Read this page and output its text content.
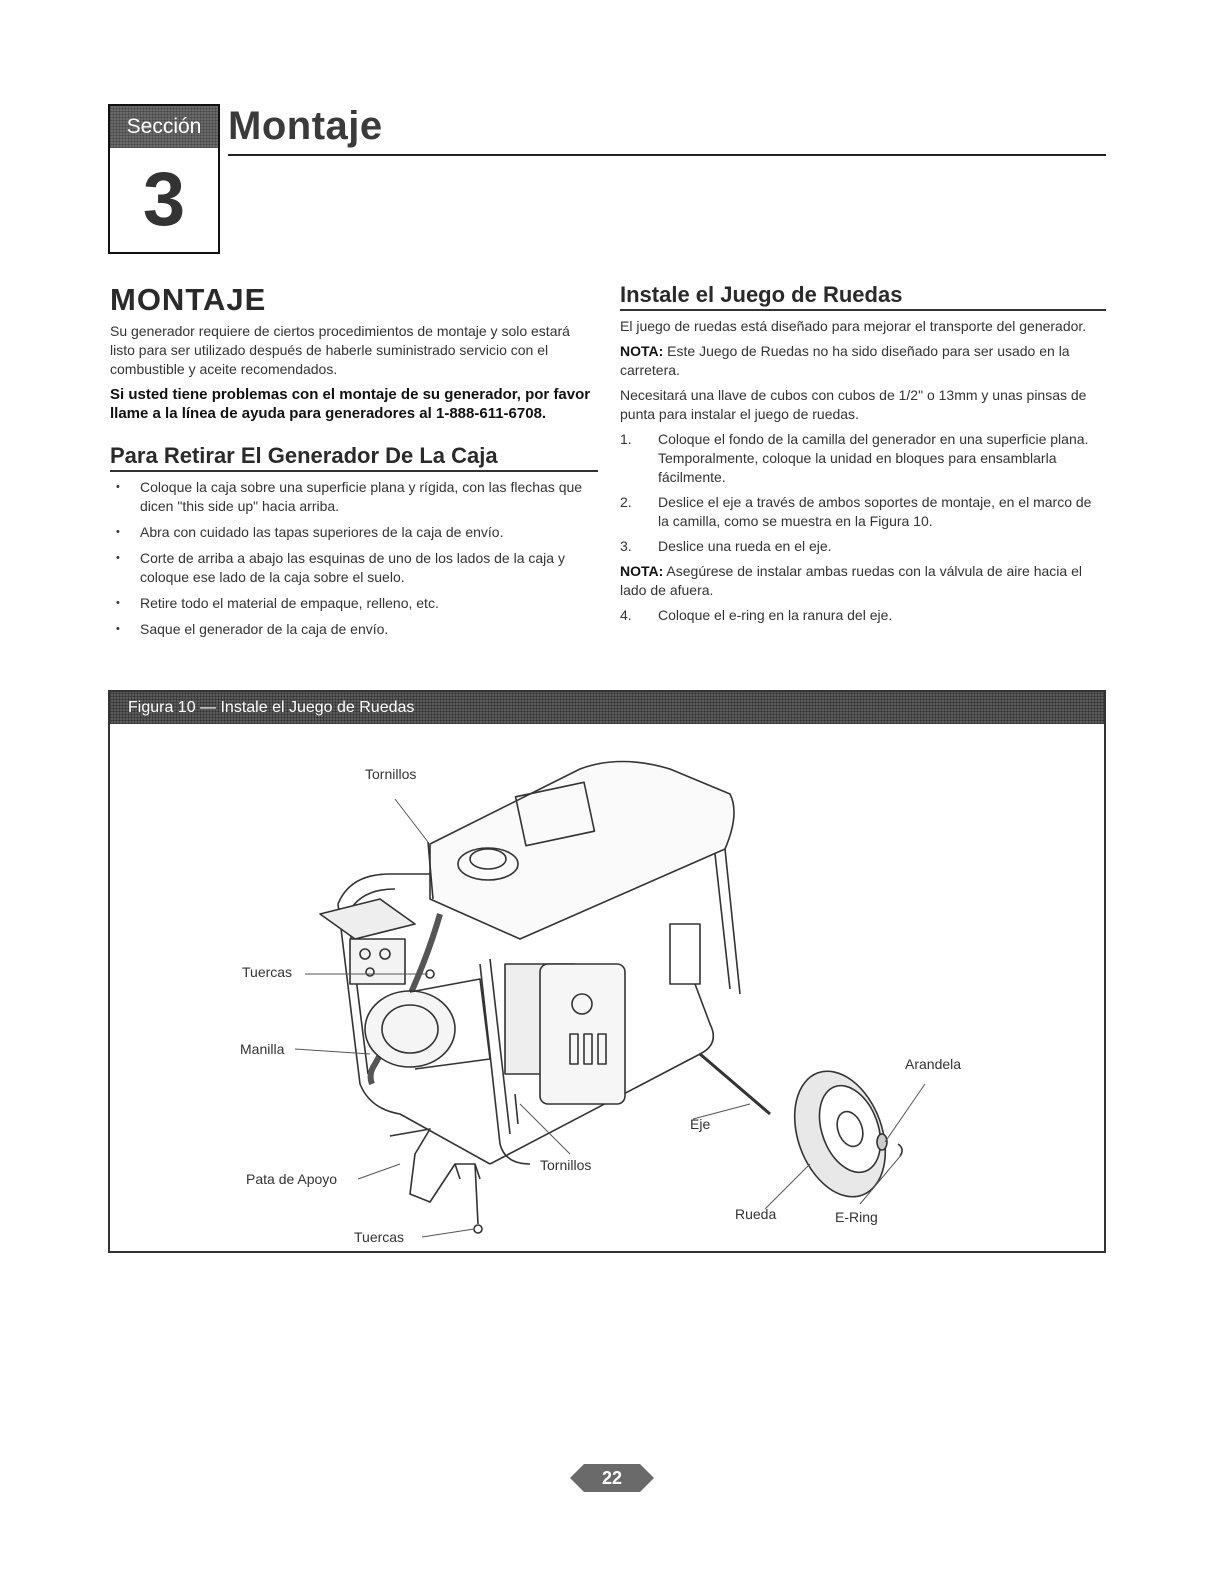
Sección
3
Montaje
MONTAJE

Su generador requiere de ciertos procedimientos de montaje y solo estará listo para ser utilizado después de haberle suministrado servicio con el combustible y aceite recomendados.

Si usted tiene problemas con el montaje de su generador, por favor llame a la línea de ayuda para generadores al 1-888-611-6708.

Para Retirar El Generador De La Caja
• Coloque la caja sobre una superficie plana y rígida, con las flechas que dicen "this side up" hacia arriba.
• Abra con cuidado las tapas superiores de la caja de envío.
• Corte de arriba a abajo las esquinas de uno de los lados de la caja y coloque ese lado de la caja sobre el suelo.
• Retire todo el material de empaque, relleno, etc.
• Saque el generador de la caja de envío.
Instale el Juego de Ruedas

El juego de ruedas está diseñado para mejorar el transporte del generador.

NOTA: Este Juego de Ruedas no ha sido diseñado para ser usado en la carretera.

Necesitará una llave de cubos con cubos de 1/2" o 13mm y unas pinsas de punta para instalar el juego de ruedas.

1. Coloque el fondo de la camilla del generador en una superficie plana. Temporalmente, coloque la unidad en bloques para ensamblarla fácilmente.
2. Deslice el eje a través de ambos soportes de montaje, en el marco de la camilla, como se muestra en la Figura 10.
3. Deslice una rueda en el eje.

NOTA: Asegúrese de instalar ambas ruedas con la válvula de aire hacia el lado de afuera.

4. Coloque el e-ring en la ranura del eje.
Figura 10 — Instale el Juego de Ruedas
Tornillos
Tuercas
Manilla
Pata de Apoyo
Tuercas
Tornillos
Eje
Arandela
Rueda	E-Ring
22
